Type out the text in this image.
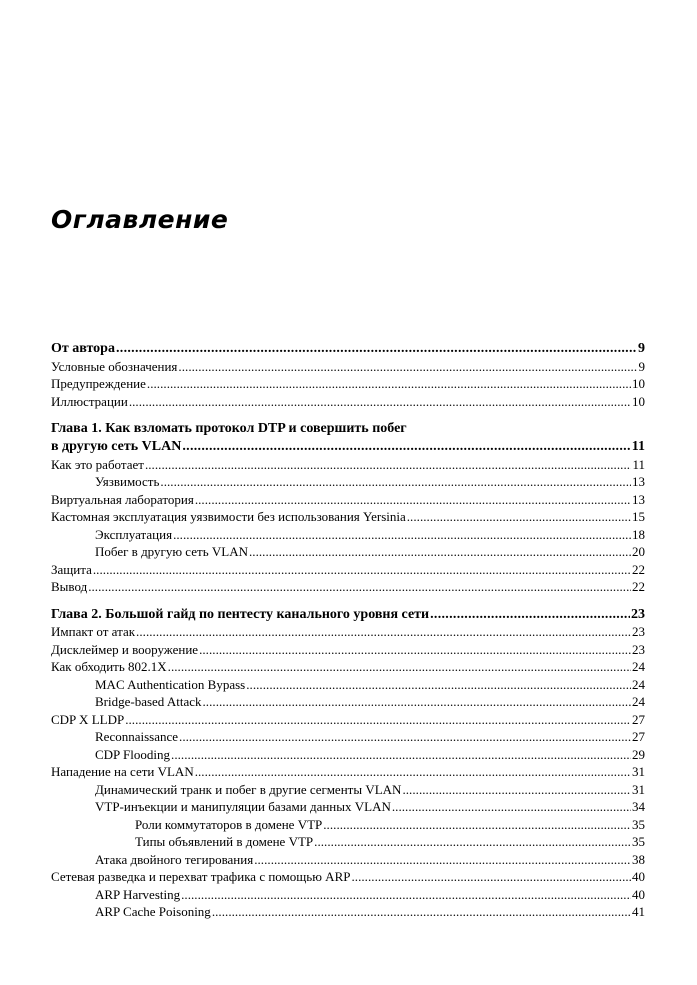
Оглавление
От автора . . .	9
Условные обозначения . . .	9
Предупреждение . . .	10
Иллюстрации . . .	10
Глава 1. Как взломать протокол DTP и совершить побег
в другую сеть VLAN . . .	11
Как это работает . . .	11
Уязвимость . . .	13
Виртуальная лаборатория . . .	13
Кастомная эксплуатация уязвимости без использования Yersinia . . .	15
Эксплуатация . . .	18
Побег в другую сеть VLAN . . .	20
Защита . . .	22
Вывод . . .	22
Глава 2. Большой гайд по пентесту канального уровня сети . . .	23
Импакт от атак . . .	23
Дисклеймер и вооружение . . .	23
Как обходить 802.1X . . .	24
MAC Authentication Bypass . . .	24
Bridge-based Attack . . .	24
CDP X LLDP . . .	27
Reconnaissance . . .	27
CDP Flooding . . .	29
Нападение на сети VLAN . . .	31
Динамический транк и побег в другие сегменты VLAN . . .	31
VTP-инъекции и манипуляции базами данных VLAN . . .	34
Роли коммутаторов в домене VTP . . .	35
Типы объявлений в домене VTP . . .	35
Атака двойного тегирования . . .	38
Сетевая разведка и перехват трафика с помощью ARP . . .	40
ARP Harvesting . . .	40
ARP Cache Poisoning . . .	41
